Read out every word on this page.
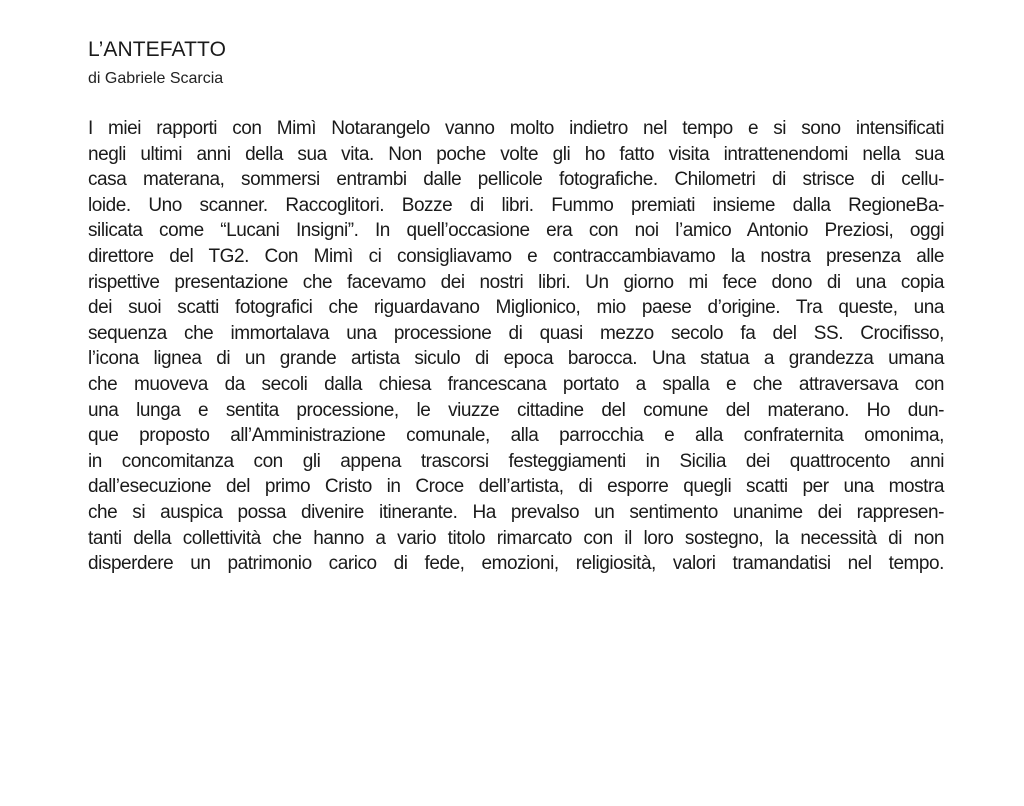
L’ANTEFATTO

di Gabriele Scarcia

I miei rapporti con Mimì Notarangelo vanno molto indietro nel tempo e si sono intensificati
negli ultimi anni della sua vita. Non poche volte gli ho fatto visita intrattenendomi nella sua
casa materana, sommersi entrambi dalle pellicole fotografiche. Chilometri di strisce di cellu-
loide. Uno scanner. Raccoglitori. Bozze di libri. Fummo premiati insieme dalla RegioneBa-
silicata come “Lucani Insigni”. In quell’occasione era con noi l’amico Antonio Preziosi, oggi
direttore del TG2. Con Mimì ci consigliavamo e contraccambiavamo la nostra presenza alle
rispettive presentazione che facevamo dei nostri libri. Un giorno mi fece dono di una copia
dei suoi scatti fotografici che riguardavano Miglionico, mio paese d’origine. Tra queste, una
sequenza che immortalava una processione di quasi mezzo secolo fa del SS. Crocifisso,
l’icona lignea di un grande artista siculo di epoca barocca. Una statua a grandezza umana
che muoveva da secoli dalla chiesa francescana portato a spalla e che attraversava con
una lunga e sentita processione, le viuzze cittadine del comune del materano. Ho dun-
que proposto all’Amministrazione comunale, alla parrocchia e alla confraternita omonima,
in concomitanza con gli appena trascorsi festeggiamenti in Sicilia dei quattrocento anni
dall’esecuzione del primo Cristo in Croce dell’artista, di esporre quegli scatti per una mostra
che si auspica possa divenire itinerante. Ha prevalso un sentimento unanime dei rappresen-
tanti della collettività che hanno a vario titolo rimarcato con il loro sostegno, la necessità di non
disperdere un patrimonio carico di fede, emozioni, religiosità, valori tramandatisi nel tempo.
